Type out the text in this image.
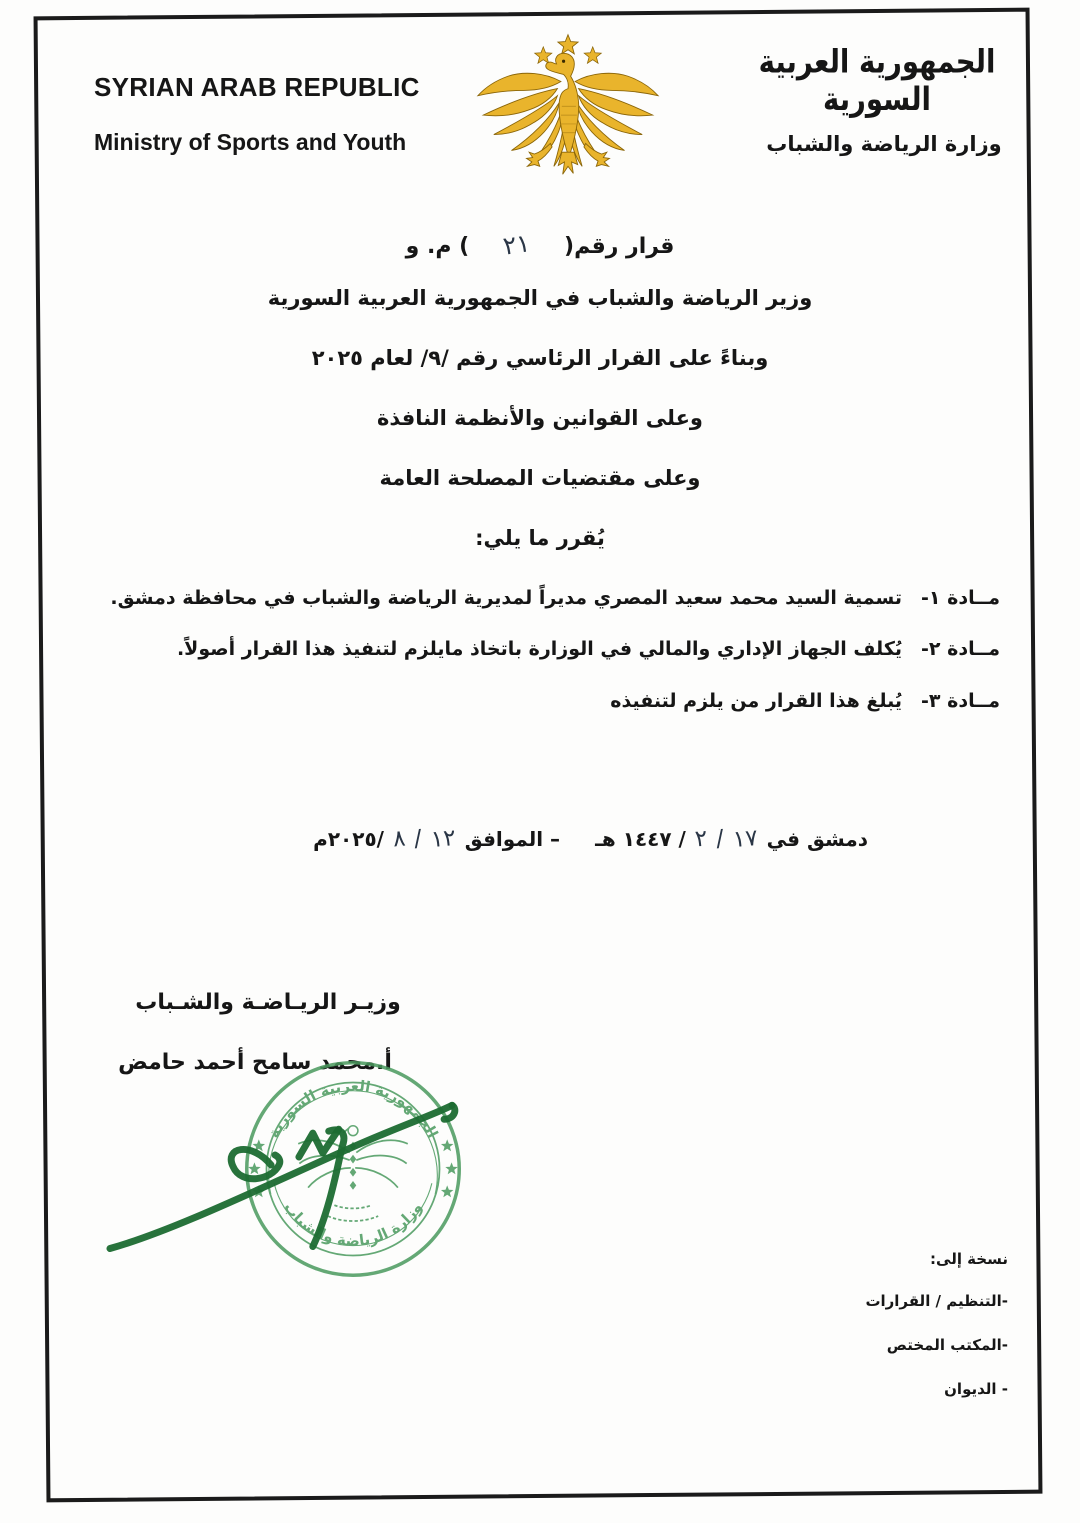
SYRIAN ARAB REPUBLIC
Ministry of Sports and Youth
الجمهورية العربية السورية
وزارة الرياضة والشباب
قرار رقم(٢١) م. و
وزير الرياضة والشباب في الجمهورية العربية السورية
وبناءً على القرار الرئاسي رقم /٩/ لعام ٢٠٢٥
وعلى القوانين والأنظمة النافذة
وعلى مقتضيات المصلحة العامة
يُقرر ما يلي:
مــادة ١-
تسمية السيد محمد سعيد المصري مديراً لمديرية الرياضة والشباب في محافظة دمشق.
مــادة ٢-
يُكلف الجهاز الإداري والمالي في الوزارة باتخاذ مايلزم لتنفيذ هذا القرار أصولاً.
مــادة ٣-
يُبلغ هذا القرار من يلزم لتنفيذه
دمشق في
١٧
/
٢
/ ١٤٤٧ هـ
– الموافق
١٢
/
٨
/٢٠٢٥م
وزيـر الريـاضـة والشـباب
أ.محمد سامح أحمد حامض
الجمهورية العربية السورية
وزارة الرياضة والشباب
نسخة إلى:
-التنظيم / القرارات
-المكتب المختص
- الديوان
